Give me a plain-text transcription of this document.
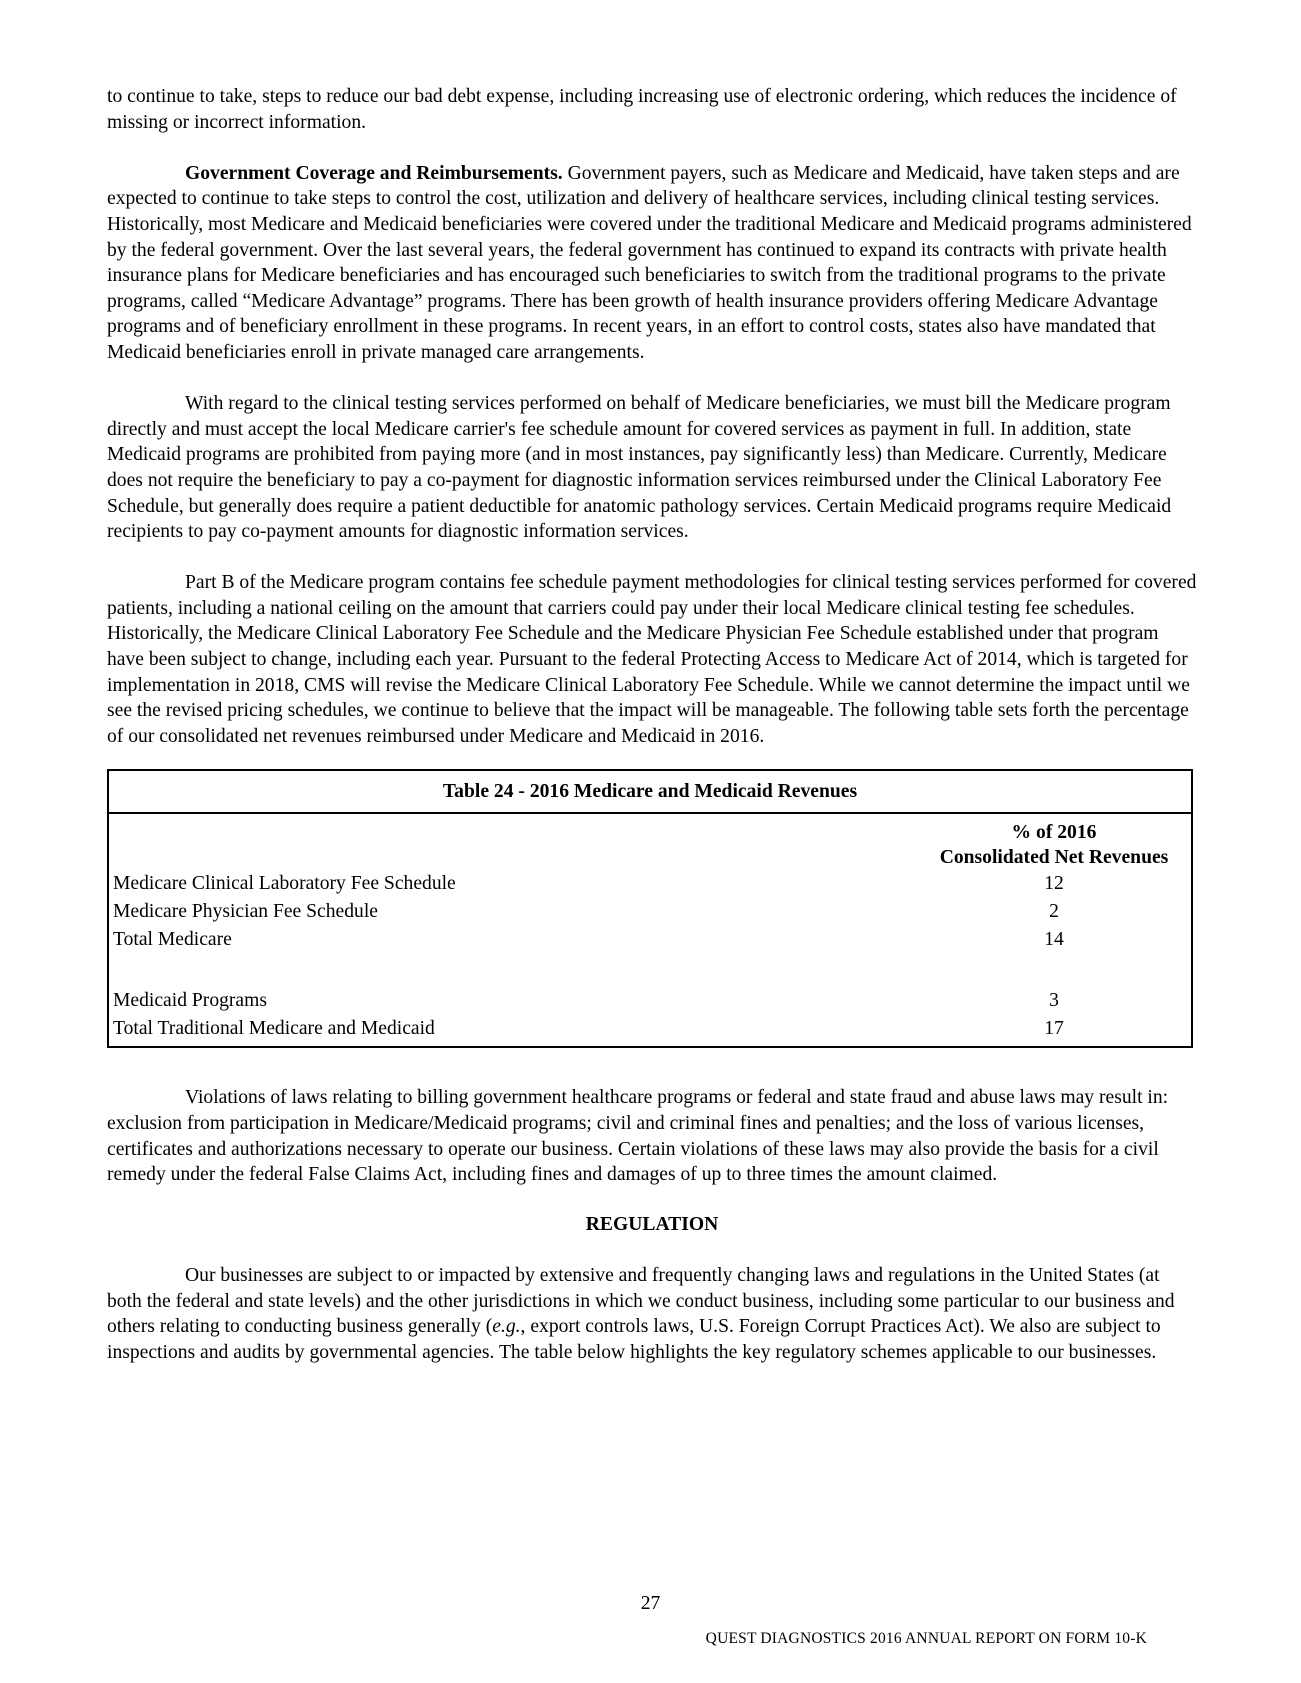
to continue to take, steps to reduce our bad debt expense, including increasing use of electronic ordering, which reduces the incidence of missing or incorrect information.

Government Coverage and Reimbursements. Government payers, such as Medicare and Medicaid, have taken steps and are expected to continue to take steps to control the cost, utilization and delivery of healthcare services, including clinical testing services. Historically, most Medicare and Medicaid beneficiaries were covered under the traditional Medicare and Medicaid programs administered by the federal government. Over the last several years, the federal government has continued to expand its contracts with private health insurance plans for Medicare beneficiaries and has encouraged such beneficiaries to switch from the traditional programs to the private programs, called “Medicare Advantage” programs. There has been growth of health insurance providers offering Medicare Advantage programs and of beneficiary enrollment in these programs. In recent years, in an effort to control costs, states also have mandated that Medicaid beneficiaries enroll in private managed care arrangements.

With regard to the clinical testing services performed on behalf of Medicare beneficiaries, we must bill the Medicare program directly and must accept the local Medicare carrier's fee schedule amount for covered services as payment in full. In addition, state Medicaid programs are prohibited from paying more (and in most instances, pay significantly less) than Medicare. Currently, Medicare does not require the beneficiary to pay a co-payment for diagnostic information services reimbursed under the Clinical Laboratory Fee Schedule, but generally does require a patient deductible for anatomic pathology services. Certain Medicaid programs require Medicaid recipients to pay co-payment amounts for diagnostic information services.

Part B of the Medicare program contains fee schedule payment methodologies for clinical testing services performed for covered patients, including a national ceiling on the amount that carriers could pay under their local Medicare clinical testing fee schedules. Historically, the Medicare Clinical Laboratory Fee Schedule and the Medicare Physician Fee Schedule established under that program have been subject to change, including each year. Pursuant to the federal Protecting Access to Medicare Act of 2014, which is targeted for implementation in 2018, CMS will revise the Medicare Clinical Laboratory Fee Schedule. While we cannot determine the impact until we see the revised pricing schedules, we continue to believe that the impact will be manageable. The following table sets forth the percentage of our consolidated net revenues reimbursed under Medicare and Medicaid in 2016.

Table 24 - 2016 Medicare and Medicaid Revenues
% of 2016
Consolidated Net Revenues
Medicare Clinical Laboratory Fee Schedule	12
Medicare Physician Fee Schedule	2
Total Medicare	14
Medicaid Programs	3
Total Traditional Medicare and Medicaid	17

Violations of laws relating to billing government healthcare programs or federal and state fraud and abuse laws may result in: exclusion from participation in Medicare/Medicaid programs; civil and criminal fines and penalties; and the loss of various licenses, certificates and authorizations necessary to operate our business. Certain violations of these laws may also provide the basis for a civil remedy under the federal False Claims Act, including fines and damages of up to three times the amount claimed.

REGULATION

Our businesses are subject to or impacted by extensive and frequently changing laws and regulations in the United States (at both the federal and state levels) and the other jurisdictions in which we conduct business, including some particular to our business and others relating to conducting business generally (e.g., export controls laws, U.S. Foreign Corrupt Practices Act). We also are subject to inspections and audits by governmental agencies. The table below highlights the key regulatory schemes applicable to our businesses.

27
QUEST DIAGNOSTICS 2016 ANNUAL REPORT ON FORM 10-K
